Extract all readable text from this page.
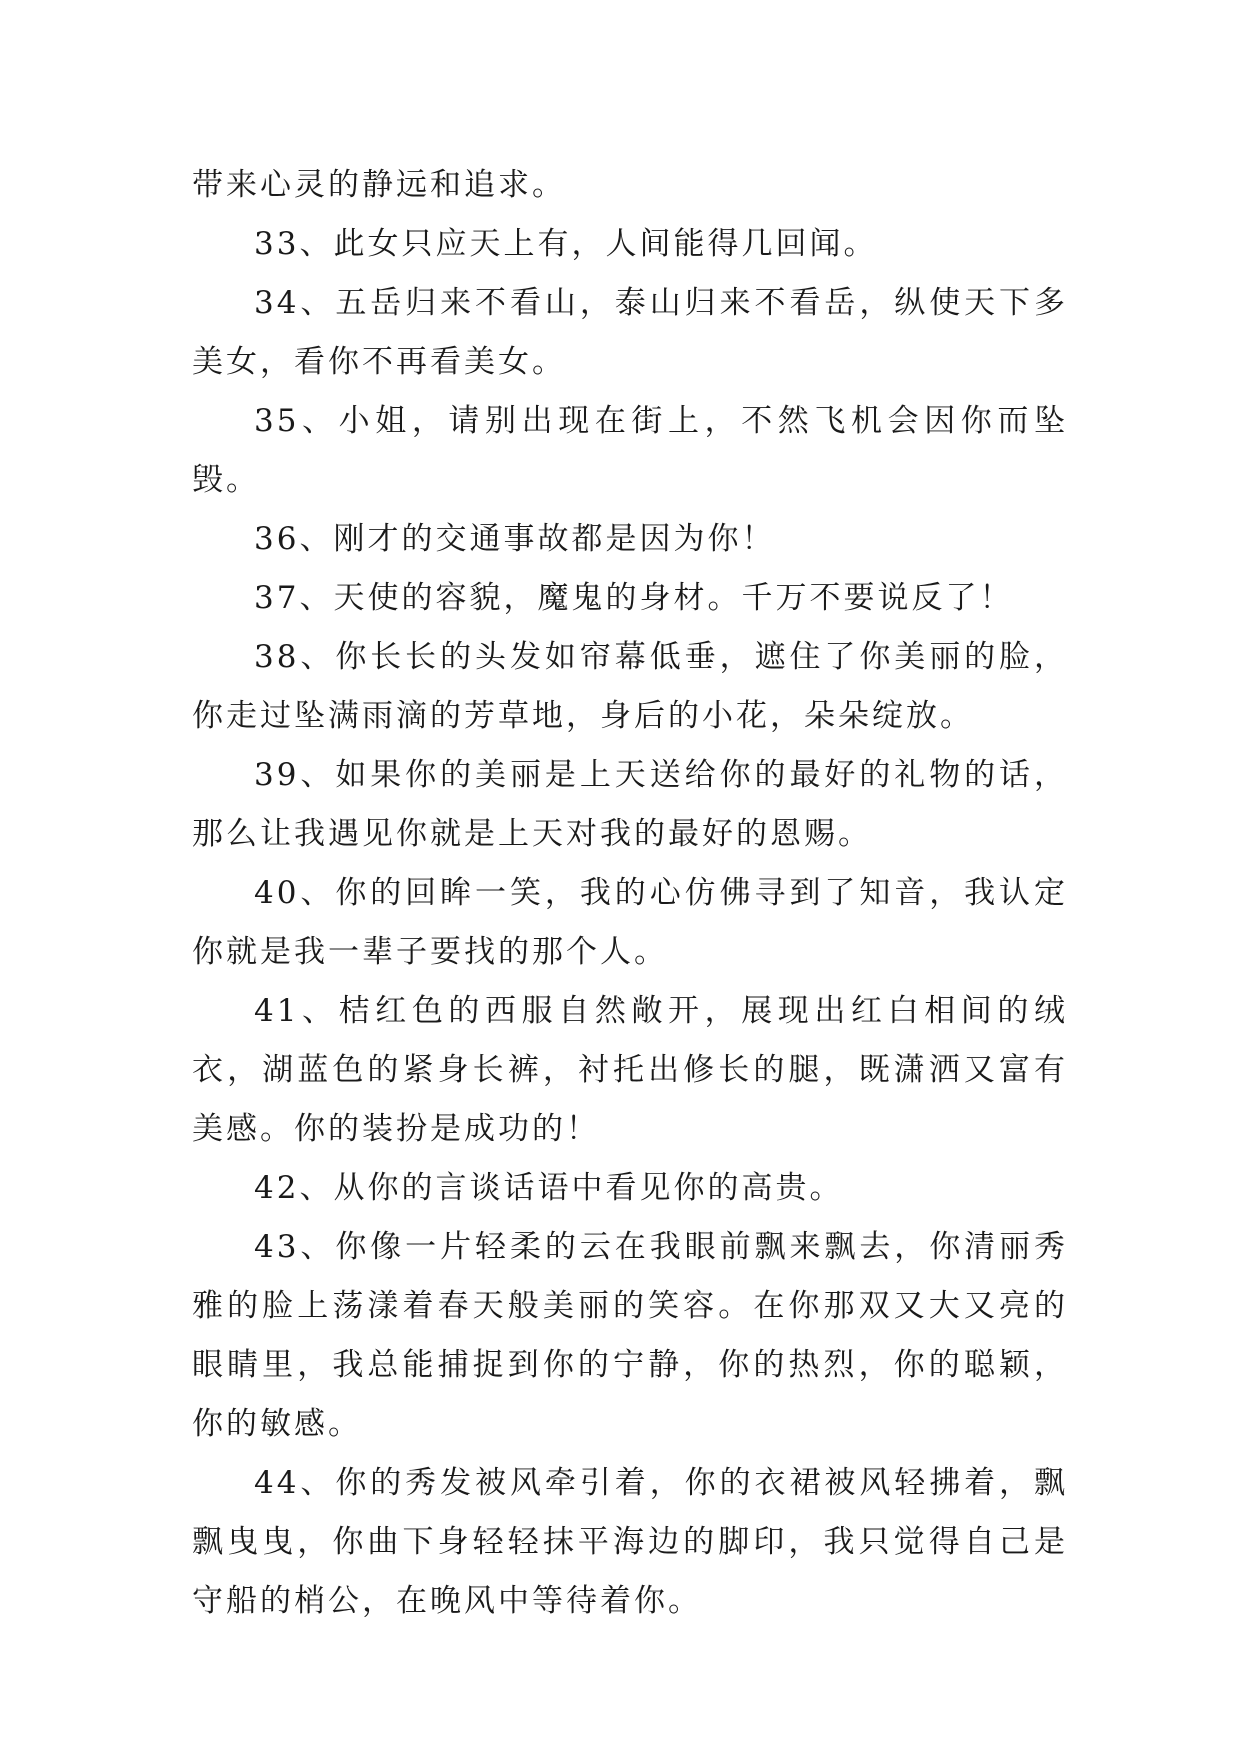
带来心灵的静远和追求。

33、此女只应天上有，人间能得几回闻。

34、五岳归来不看山，泰山归来不看岳，纵使天下多美女，看你不再看美女。

35、小姐，请别出现在街上，不然飞机会因你而坠毁。

36、刚才的交通事故都是因为你！

37、天使的容貌，魔鬼的身材。千万不要说反了！

38、你长长的头发如帘幕低垂，遮住了你美丽的脸，你走过坠满雨滴的芳草地，身后的小花，朵朵绽放。

39、如果你的美丽是上天送给你的最好的礼物的话，那么让我遇见你就是上天对我的最好的恩赐。

40、你的回眸一笑，我的心仿佛寻到了知音，我认定你就是我一辈子要找的那个人。

41、桔红色的西服自然敞开，展现出红白相间的绒衣，湖蓝色的紧身长裤，衬托出修长的腿，既潇洒又富有美感。你的装扮是成功的！

42、从你的言谈话语中看见你的高贵。

43、你像一片轻柔的云在我眼前飘来飘去，你清丽秀雅的脸上荡漾着春天般美丽的笑容。在你那双又大又亮的眼睛里，我总能捕捉到你的宁静，你的热烈，你的聪颖，你的敏感。

44、你的秀发被风牵引着，你的衣裙被风轻拂着，飘飘曳曳，你曲下身轻轻抹平海边的脚印，我只觉得自己是守船的梢公，在晚风中等待着你。
